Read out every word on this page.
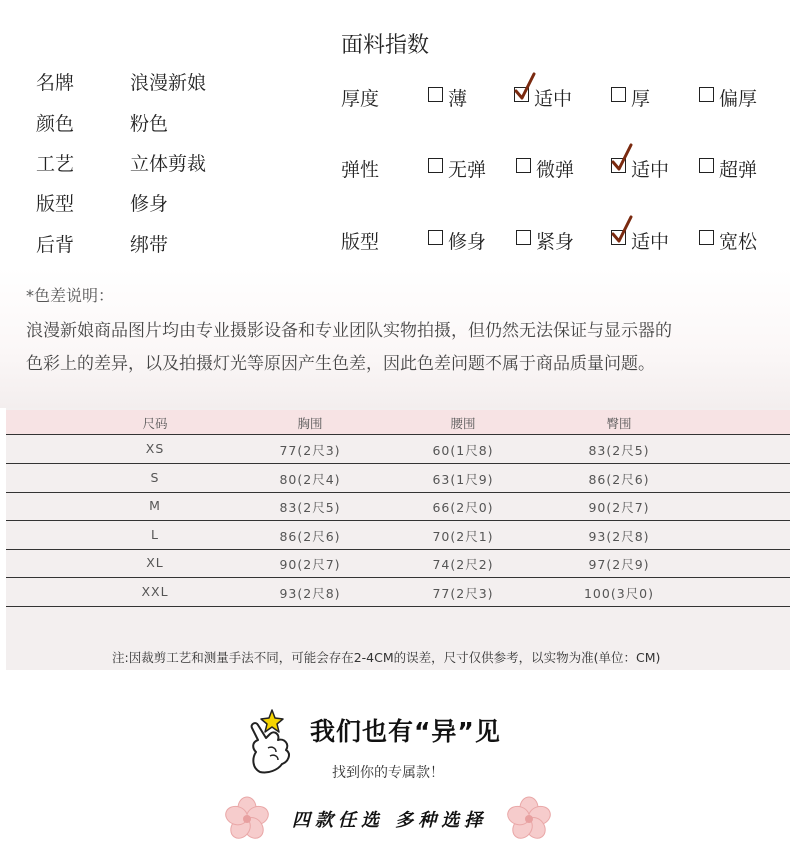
名牌	浪漫新娘
颜色	粉色
工艺	立体剪裁
版型	修身
后背	绑带
面料指数
厚度	薄	适中	厚	偏厚
弹性	无弹	微弹	适中	超弹
版型	修身	紧身	适中	宽松
*色差说明：
浪漫新娘商品图片均由专业摄影设备和专业团队实物拍摄，但仍然无法保证与显示器的
色彩上的差异，以及拍摄灯光等原因产生色差，因此色差问题不属于商品质量问题。
尺码	胸围	腰围	臀围
XS	77(2尺3)	60(1尺8)	83(2尺5)
S	80(2尺4)	63(1尺9)	86(2尺6)
M	83(2尺5)	66(2尺0)	90(2尺7)
L	86(2尺6)	70(2尺1)	93(2尺8)
XL	90(2尺7)	74(2尺2)	97(2尺9)
XXL	93(2尺8)	77(2尺3)	100(3尺0)
注:因裁剪工艺和测量手法不同，可能会存在2-4CM的误差，尺寸仅供参考，以实物为准(单位：CM)
我们也有“异”见
找到你的专属款！
四款任选 多种选择
